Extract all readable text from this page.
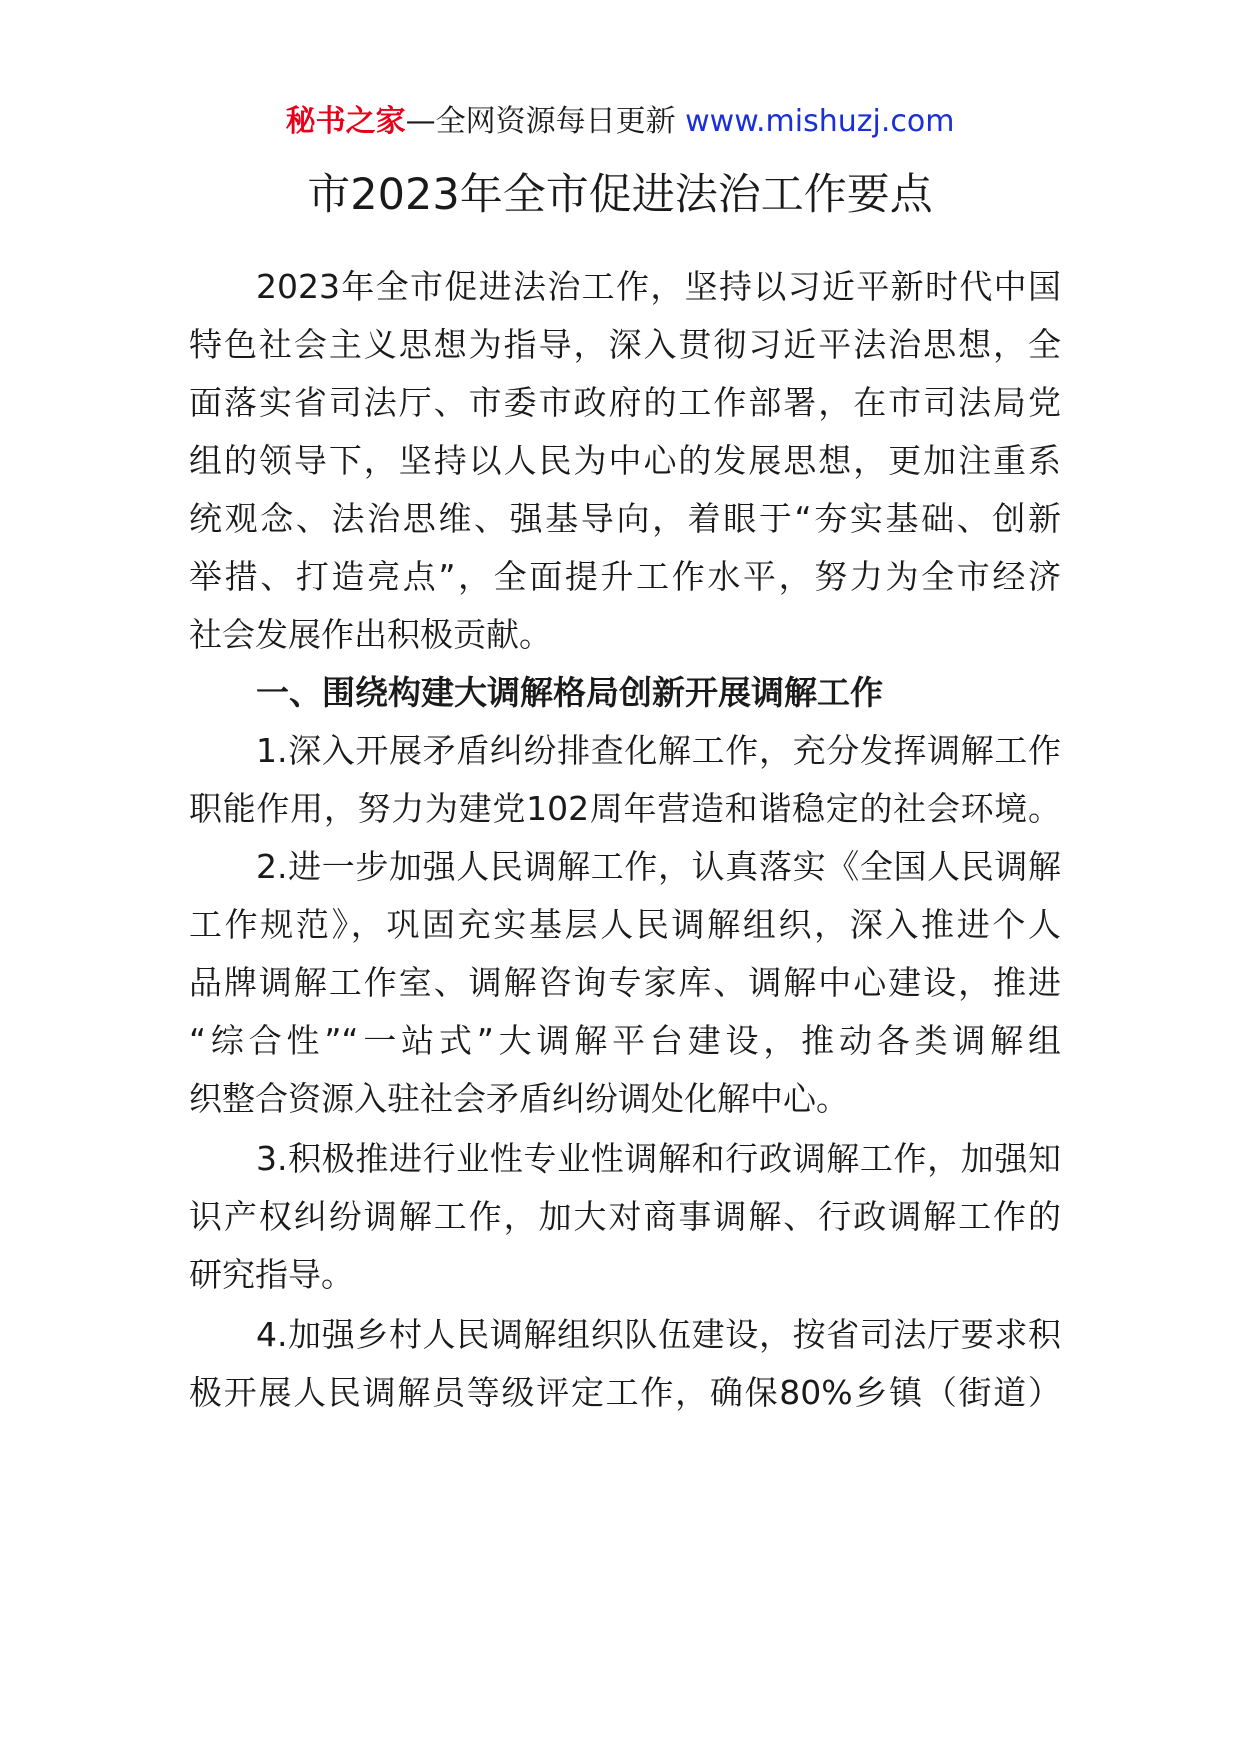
秘书之家—全网资源每日更新 www.mishuzj.com
市2023年全市促进法治工作要点
2023年全市促进法治工作，坚持以习近平新时代中国
特色社会主义思想为指导，深入贯彻习近平法治思想，全
面落实省司法厅、市委市政府的工作部署，在市司法局党
组的领导下，坚持以人民为中心的发展思想，更加注重系
统观念、法治思维、强基导向，着眼于“夯实基础、创新
举措、打造亮点”，全面提升工作水平，努力为全市经济
社会发展作出积极贡献。
一、围绕构建大调解格局创新开展调解工作
1.深入开展矛盾纠纷排查化解工作，充分发挥调解工作
职能作用，努力为建党102周年营造和谐稳定的社会环境。
2.进一步加强人民调解工作，认真落实《全国人民调解
工作规范》，巩固充实基层人民调解组织，深入推进个人
品牌调解工作室、调解咨询专家库、调解中心建设，推进
“综合性”“一站式”大调解平台建设，推动各类调解组
织整合资源入驻社会矛盾纠纷调处化解中心。
3.积极推进行业性专业性调解和行政调解工作，加强知
识产权纠纷调解工作，加大对商事调解、行政调解工作的
研究指导。
4.加强乡村人民调解组织队伍建设，按省司法厅要求积
极开展人民调解员等级评定工作，确保80%乡镇（街道）
